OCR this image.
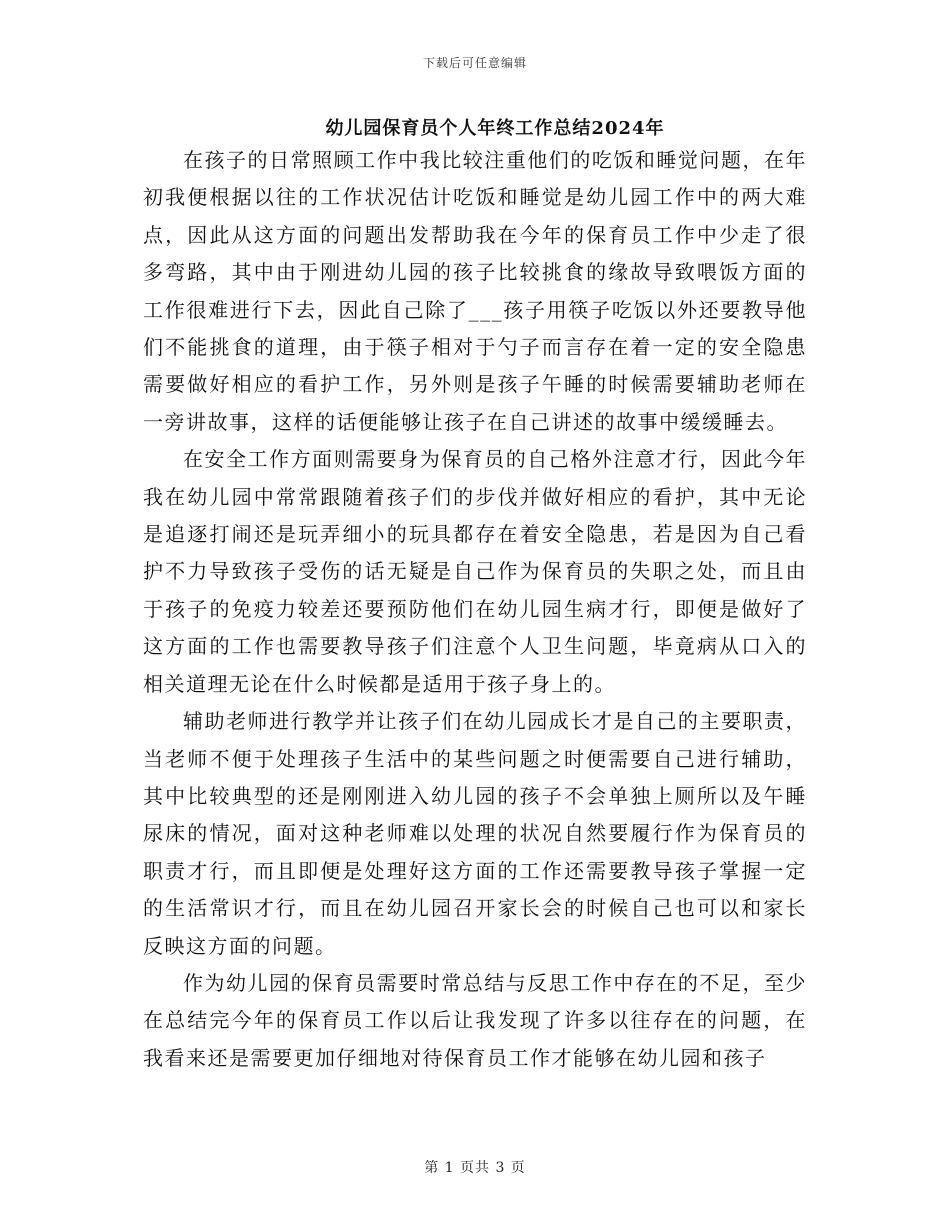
下载后可任意编辑
幼儿园保育员个人年终工作总结2024年

在孩子的日常照顾工作中我比较注重他们的吃饭和睡觉问题，在年初我便根据以往的工作状况估计吃饭和睡觉是幼儿园工作中的两大难点，因此从这方面的问题出发帮助我在今年的保育员工作中少走了很多弯路，其中由于刚进幼儿园的孩子比较挑食的缘故导致喂饭方面的工作很难进行下去，因此自己除了___孩子用筷子吃饭以外还要教导他们不能挑食的道理，由于筷子相对于勺子而言存在着一定的安全隐患需要做好相应的看护工作，另外则是孩子午睡的时候需要辅助老师在一旁讲故事，这样的话便能够让孩子在自己讲述的故事中缓缓睡去。

在安全工作方面则需要身为保育员的自己格外注意才行，因此今年我在幼儿园中常常跟随着孩子们的步伐并做好相应的看护，其中无论是追逐打闹还是玩弄细小的玩具都存在着安全隐患，若是因为自己看护不力导致孩子受伤的话无疑是自己作为保育员的失职之处，而且由于孩子的免疫力较差还要预防他们在幼儿园生病才行，即便是做好了这方面的工作也需要教导孩子们注意个人卫生问题，毕竟病从口入的相关道理无论在什么时候都是适用于孩子身上的。

辅助老师进行教学并让孩子们在幼儿园成长才是自己的主要职责，当老师不便于处理孩子生活中的某些问题之时便需要自己进行辅助，其中比较典型的还是刚刚进入幼儿园的孩子不会单独上厕所以及午睡尿床的情况，面对这种老师难以处理的状况自然要履行作为保育员的职责才行，而且即便是处理好这方面的工作还需要教导孩子掌握一定的生活常识才行，而且在幼儿园召开家长会的时候自己也可以和家长反映这方面的问题。

作为幼儿园的保育员需要时常总结与反思工作中存在的不足，至少在总结完今年的保育员工作以后让我发现了许多以往存在的问题，在我看来还是需要更加仔细地对待保育员工作才能够在幼儿园和孩子

第 1 页共 3 页
